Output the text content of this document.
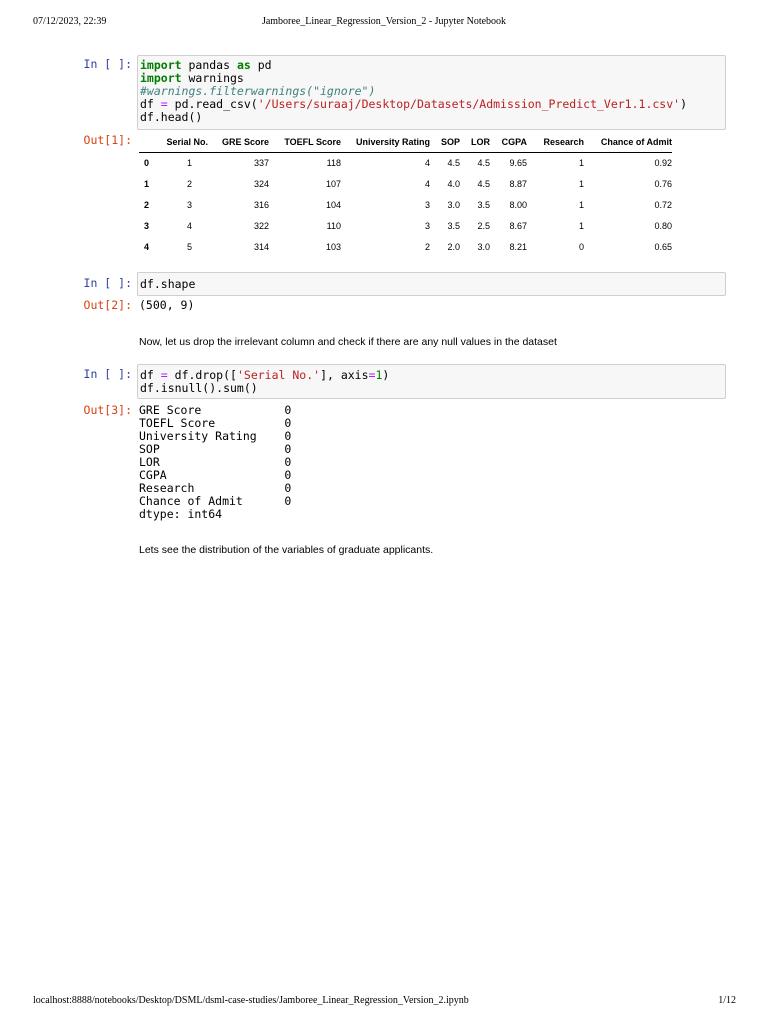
Jamboree_Linear_Regression_Version_2 - Jupyter Notebook
07/12/2023, 22:39
In [ ]: import pandas as pd
import warnings
#warnings.filterwarnings("ignore")
df = pd.read_csv('/Users/suraaj/Desktop/Datasets/Admission_Predict_Ver1.1.csv')
df.head()
Out[1]:
		Serial No.	GRE Score	TOEFL Score	University Rating	SOP	LOR	CGPA	Research	Chance of Admit
0	1	337	118	4	4.5	4.5	9.65	1	0.92
1	2	324	107	4	4.0	4.5	8.87	1	0.76
2	3	316	104	3	3.0	3.5	8.00	1	0.72
3	4	322	110	3	3.5	2.5	8.67	1	0.80
4	5	314	103	2	2.0	3.0	8.21	0	0.65
In [ ]: df.shape
Out[2]: (500, 9)
Now, let us drop the irrelevant column and check if there are any null values in the dataset
In [ ]: df = df.drop(['Serial No.'], axis=1)
df.isnull().sum()
Out[3]: GRE Score            0
TOEFL Score          0
University Rating    0
SOP                  0
LOR                  0
CGPA                 0
Research             0
Chance of Admit      0
dtype: int64
Lets see the distribution of the variables of graduate applicants.
localhost:8888/notebooks/Desktop/DSML/dsml-case-studies/Jamboree_Linear_Regression_Version_2.ipynb	1/12
